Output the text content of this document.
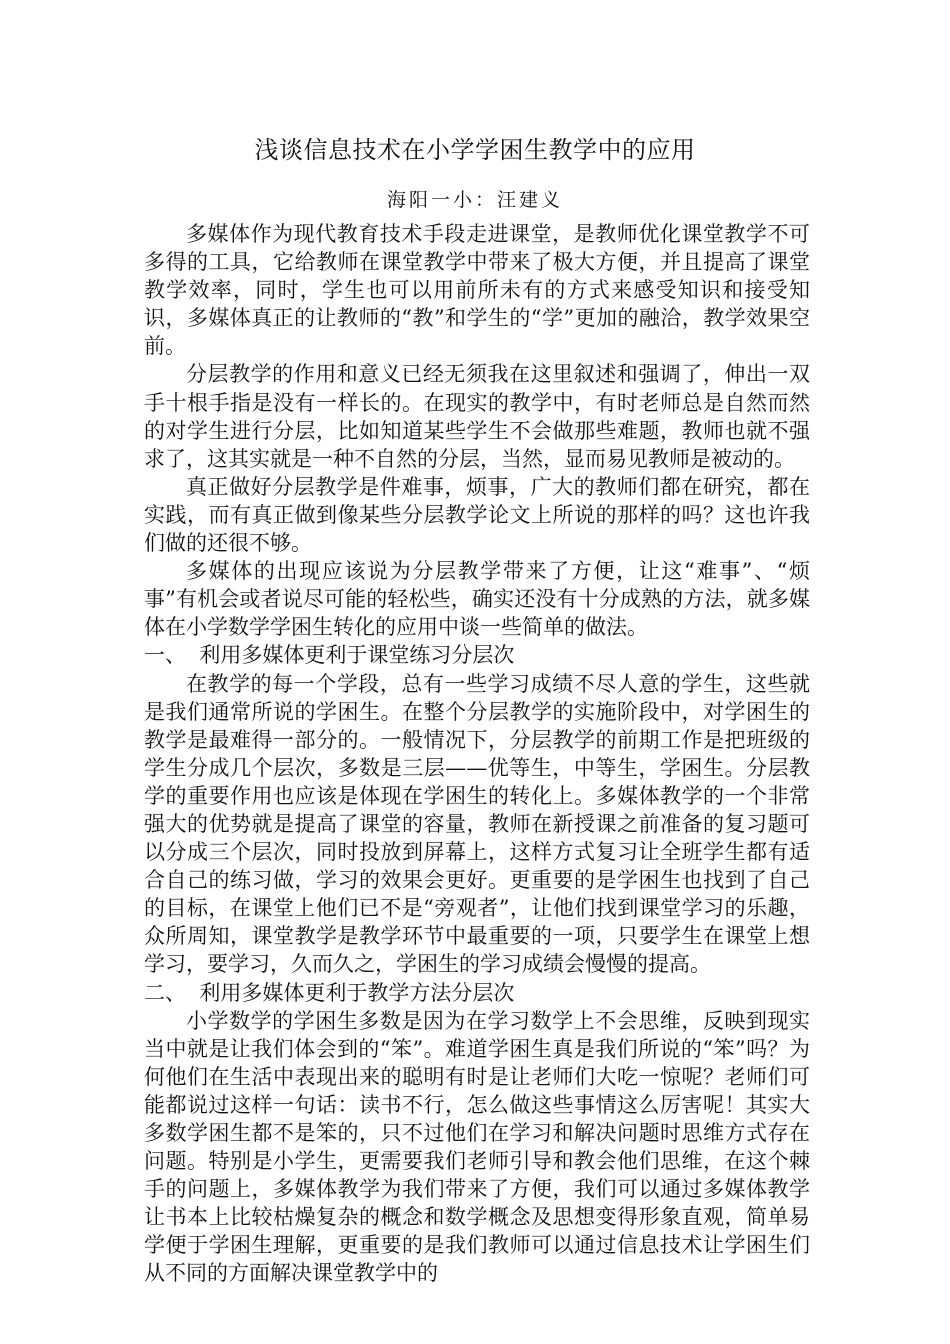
浅谈信息技术在小学学困生教学中的应用
海阳一小：汪建义

多媒体作为现代教育技术手段走进课堂，是教师优化课堂教学不可多得的工具，它给教师在课堂教学中带来了极大方便，并且提高了课堂教学效率，同时，学生也可以用前所未有的方式来感受知识和接受知识，多媒体真正的让教师的“教”和学生的“学”更加的融洽，教学效果空前。

分层教学的作用和意义已经无须我在这里叙述和强调了，伸出一双手十根手指是没有一样长的。在现实的教学中，有时老师总是自然而然的对学生进行分层，比如知道某些学生不会做那些难题，教师也就不强求了，这其实就是一种不自然的分层，当然，显而易见教师是被动的。

真正做好分层教学是件难事，烦事，广大的教师们都在研究，都在实践，而有真正做到像某些分层教学论文上所说的那样的吗？这也许我们做的还很不够。

多媒体的出现应该说为分层教学带来了方便，让这“难事”、“烦事”有机会或者说尽可能的轻松些，确实还没有十分成熟的方法，就多媒体在小学数学学困生转化的应用中谈一些简单的做法。

一、  利用多媒体更利于课堂练习分层次

在教学的每一个学段，总有一些学习成绩不尽人意的学生，这些就是我们通常所说的学困生。在整个分层教学的实施阶段中，对学困生的教学是最难得一部分的。一般情况下，分层教学的前期工作是把班级的学生分成几个层次，多数是三层——优等生，中等生，学困生。分层教学的重要作用也应该是体现在学困生的转化上。多媒体教学的一个非常强大的优势就是提高了课堂的容量，教师在新授课之前准备的复习题可以分成三个层次，同时投放到屏幕上，这样方式复习让全班学生都有适合自己的练习做，学习的效果会更好。更重要的是学困生也找到了自己的目标，在课堂上他们已不是“旁观者”，让他们找到课堂学习的乐趣，众所周知，课堂教学是教学环节中最重要的一项，只要学生在课堂上想学习，要学习，久而久之，学困生的学习成绩会慢慢的提高。

二、  利用多媒体更利于教学方法分层次

小学数学的学困生多数是因为在学习数学上不会思维，反映到现实当中就是让我们体会到的“笨”。难道学困生真是我们所说的“笨”吗？为何他们在生活中表现出来的聪明有时是让老师们大吃一惊呢？老师们可能都说过这样一句话：读书不行，怎么做这些事情这么厉害呢！其实大多数学困生都不是笨的，只不过他们在学习和解决问题时思维方式存在问题。特别是小学生，更需要我们老师引导和教会他们思维，在这个棘手的问题上，多媒体教学为我们带来了方便，我们可以通过多媒体教学让书本上比较枯燥复杂的概念和数学概念及思想变得形象直观，简单易学便于学困生理解，更重要的是我们教师可以通过信息技术让学困生们从不同的方面解决课堂教学中的
